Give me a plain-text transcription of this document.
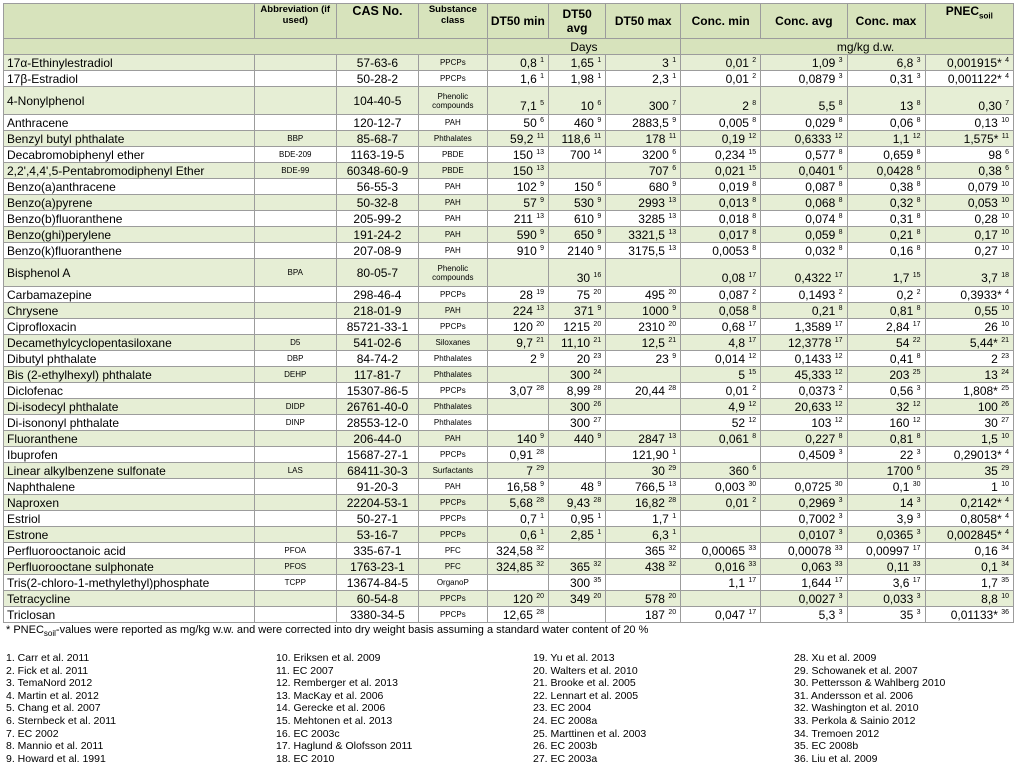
	Abbreviation (if used)	CAS No.	Substance class	DT50 min	DT50 avg	DT50 max	Conc. min	Conc. avg	Conc. max	$PNEC_{soil}$
				Days			mg/kg d.w.			
17α-Ethinylestradiol		57-63-6	PPCPs	0,8 $^1$	1,65 $^1$	3 $^1$	0,01 $^2$	1,09 $^3$	6,8 $^3$	0,001915* $^4$
17β-Estradiol		50-28-2	PPCPs	1,6 $^1$	1,98 $^1$	2,3 $^1$	0,01 $^2$	0,0879 $^3$	0,31 $^3$	0,001122* $^4$
4-Nonylphenol		104-40-5	Phenolic compounds	7,1 $^5$	10 $^6$	300 $^7$	2 $^8$	5,5 $^8$	13 $^8$	0,30 $^7$
Anthracene		120-12-7	PAH	50 $^6$	460 $^9$	2883,5 $^9$	0,005 $^8$	0,029 $^8$	0,06 $^8$	0,13 $^{10}$
Benzyl butyl phthalate	BBP	85-68-7	Phthalates	59,2 $^{11}$	118,6 $^{11}$	178 $^{11}$	0,19 $^{12}$	0,6333 $^{12}$	1,1 $^{12}$	1,575* $^{11}$
Decabromobiphenyl ether	BDE-209	1163-19-5	PBDE	150 $^{13}$	700 $^{14}$	3200 $^6$	0,234 $^{15}$	0,577 $^8$	0,659 $^8$	98 $^6$
2,2',4,4',5-Pentabromodiphenyl Ether	BDE-99	60348-60-9	PBDE	150 $^{13}$		707 $^6$	0,021 $^{15}$	0,0401 $^6$	0,0428 $^6$	0,38 $^6$
Benzo(a)anthracene		56-55-3	PAH	102 $^9$	150 $^6$	680 $^9$	0,019 $^8$	0,087 $^8$	0,38 $^8$	0,079 $^{10}$
Benzo(a)pyrene		50-32-8	PAH	57 $^9$	530 $^9$	2993 $^{13}$	0,013 $^8$	0,068 $^8$	0,32 $^8$	0,053 $^{10}$
Benzo(b)fluoranthene		205-99-2	PAH	211 $^{13}$	610 $^9$	3285 $^{13}$	0,018 $^8$	0,074 $^8$	0,31 $^8$	0,28 $^{10}$
Benzo(ghi)perylene		191-24-2	PAH	590 $^9$	650 $^9$	3321,5 $^{13}$	0,017 $^8$	0,059 $^8$	0,21 $^8$	0,17 $^{10}$
Benzo(k)fluoranthene		207-08-9	PAH	910 $^9$	2140 $^9$	3175,5 $^{13}$	0,0053 $^8$	0,032 $^8$	0,16 $^8$	0,27 $^{10}$
Bisphenol A	BPA	80-05-7	Phenolic compounds		30 $^{16}$		0,08 $^{17}$	0,4322 $^{17}$	1,7 $^{15}$	3,7 $^{18}$
Carbamazepine		298-46-4	PPCPs	28 $^{19}$	75 $^{20}$	495 $^{20}$	0,087 $^2$	0,1493 $^2$	0,2 $^2$	0,3933* $^4$
Chrysene		218-01-9	PAH	224 $^{13}$	371 $^9$	1000 $^9$	0,058 $^8$	0,21 $^8$	0,81 $^8$	0,55 $^{10}$
Ciprofloxacin		85721-33-1	PPCPs	120 $^{20}$	1215 $^{20}$	2310 $^{20}$	0,68 $^{17}$	1,3589 $^{17}$	2,84 $^{17}$	26 $^{10}$
Decamethylcyclopentasiloxane	D5	541-02-6	Siloxanes	9,7 $^{21}$	11,10 $^{21}$	12,5 $^{21}$	4,8 $^{17}$	12,3778 $^{17}$	54 $^{22}$	5,44* $^{21}$
Dibutyl phthalate	DBP	84-74-2	Phthalates	2 $^9$	20 $^{23}$	23 $^9$	0,014 $^{12}$	0,1433 $^{12}$	0,41 $^8$	2 $^{23}$
Bis (2-ethylhexyl) phthalate	DEHP	117-81-7	Phthalates		300 $^{24}$		5 $^{15}$	45,333 $^{12}$	203 $^{25}$	13 $^{24}$
Diclofenac		15307-86-5	PPCPs	3,07 $^{28}$	8,99 $^{28}$	20,44 $^{28}$	0,01 $^2$	0,0373 $^2$	0,56 $^3$	1,808* $^{25}$
Di-isodecyl phthalate	DIDP	26761-40-0	Phthalates		300 $^{26}$		4,9 $^{12}$	20,633 $^{12}$	32 $^{12}$	100 $^{26}$
Di-isononyl phthalate	DINP	28553-12-0	Phthalates		300 $^{27}$		52 $^{12}$	103 $^{12}$	160 $^{12}$	30 $^{27}$
Fluoranthene		206-44-0	PAH	140 $^9$	440 $^9$	2847 $^{13}$	0,061 $^8$	0,227 $^8$	0,81 $^8$	1,5 $^{10}$
Ibuprofen		15687-27-1	PPCPs	0,91 $^{28}$		121,90 $^1$		0,4509 $^3$	22 $^3$	0,29013* $^4$
Linear alkylbenzene sulfonate	LAS	68411-30-3	Surfactants	7 $^{29}$		30 $^{29}$	360 $^6$		1700 $^6$	35 $^{29}$
Naphthalene		91-20-3	PAH	16,58 $^9$	48 $^9$	766,5 $^{13}$	0,003 $^{30}$	0,0725 $^{30}$	0,1 $^{30}$	1 $^{10}$
Naproxen		22204-53-1	PPCPs	5,68 $^{28}$	9,43 $^{28}$	16,82 $^{28}$	0,01 $^2$	0,2969 $^3$	14 $^3$	0,2142* $^4$
Estriol		50-27-1	PPCPs	0,7 $^1$	0,95 $^1$	1,7 $^1$		0,7002 $^3$	3,9 $^3$	0,8058* $^4$
Estrone		53-16-7	PPCPs	0,6 $^1$	2,85 $^1$	6,3 $^1$		0,0107 $^3$	0,0365 $^3$	0,002845* $^4$
Perfluorooctanoic acid	PFOA	335-67-1	PFC	324,58 $^{32}$		365 $^{32}$	0,00065 $^{33}$	0,00078 $^{33}$	0,00997 $^{17}$	0,16 $^{34}$
Perfluorooctane sulphonate	PFOS	1763-23-1	PFC	324,85 $^{32}$	365 $^{32}$	438 $^{32}$	0,016 $^{33}$	0,063 $^{33}$	0,11 $^{33}$	0,1 $^{34}$
Tris(2-chloro-1-methylethyl)phosphate	TCPP	13674-84-5	OrganoP		300 $^{35}$		1,1 $^{17}$	1,644 $^{17}$	3,6 $^{17}$	1,7 $^{35}$
Tetracycline		60-54-8	PPCPs	120 $^{20}$	349 $^{20}$	578 $^{20}$		0,0027 $^3$	0,033 $^3$	8,8 $^{10}$
Triclosan		3380-34-5	PPCPs	12,65 $^{28}$		187 $^{20}$	0,047 $^{17}$	5,3 $^3$	35 $^3$	0,01133* $^{36}$
* $PNEC_{soil}$-values were reported as mg/kg w.w. and were corrected into dry weight basis assuming a standard water content of 20 %
1. Carr et al. 2011
2. Fick et al. 2011
3. TemaNord 2012
4. Martin et al. 2012
5. Chang et al. 2007
6. Sternbeck et al. 2011
7. EC 2002
8. Mannio et al. 2011
9. Howard et al. 1991
10. Eriksen et al. 2009
11. EC 2007
12. Remberger et al. 2013
13. MacKay et al. 2006
14. Gerecke et al. 2006
15. Mehtonen et al. 2013
16. EC 2003c
17. Haglund & Olofsson 2011
18. EC 2010
19. Yu et al. 2013
20. Walters et al. 2010
21. Brooke et al. 2005
22. Lennart et al. 2005
23. EC 2004
24. EC 2008a
25. Marttinen et al. 2003
26. EC 2003b
27. EC 2003a
28. Xu et al. 2009
29. Schowanek et al. 2007
30. Pettersson & Wahlberg 2010
31. Andersson et al. 2006
32. Washington et al. 2010
33. Perkola & Sainio 2012
34. Tremoen 2012
35. EC 2008b
36. Liu et al. 2009
